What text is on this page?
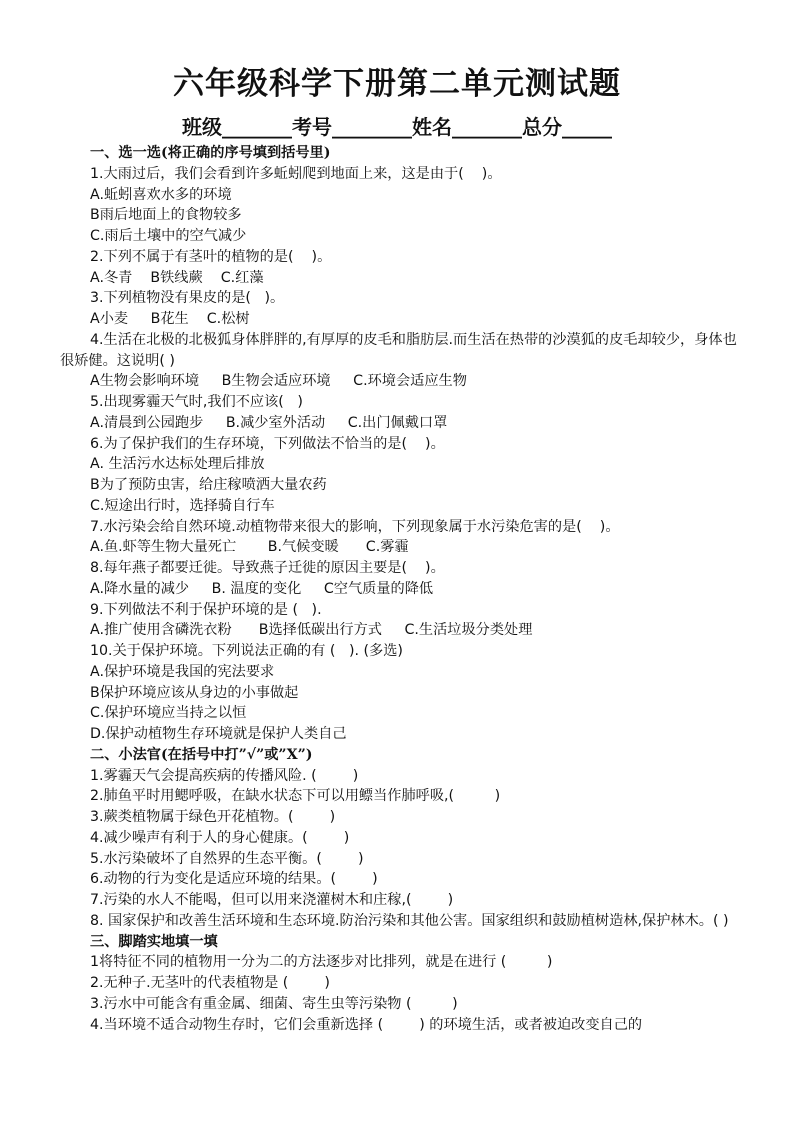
六年级科学下册第二单元测试题
班级_______考号________姓名_______总分_____
一、选一选(将正确的序号填到括号里)
1.大雨过后，我们会看到许多蚯蚓爬到地面上来，这是由于(    )。
A.蚯蚓喜欢水多的环境
B雨后地面上的食物较多
C.雨后土壤中的空气减少
2.下列不属于有茎叶的植物的是(    )。
A.冬青    B铁线蕨    C.红藻
3.下列植物没有果皮的是(   )。
A小麦     B花生    C.松树
4.生活在北极的北极狐身体胖胖的,有厚厚的皮毛和脂肪层.而生活在热带的沙漠狐的皮毛却较少，身体也很矫健。这说明( )
A生物会影响环境     B生物会适应环境     C.环境会适应生物
5.出现雾霾天气时,我们不应该(   )
A.清晨到公园跑步     B.减少室外活动     C.出门佩戴口罩
6.为了保护我们的生存环境，下列做法不恰当的是(    )。
A. 生活污水达标处理后排放
B为了预防虫害，给庄稼喷洒大量农药
C.短途出行时，选择骑自行车
7.水污染会给自然环境.动植物带来很大的影响，下列现象属于水污染危害的是(    )。
A.鱼.虾等生物大量死亡       B.气候变暖      C.雾霾
8.每年燕子都要迁徙。导致燕子迁徙的原因主要是(    )。
A.降水量的减少     B. 温度的变化     C空气质量的降低
9.下列做法不利于保护环境的是 (   ).
A.推广使用含磷洗衣粉      B选择低碳出行方式     C.生活垃圾分类处理
10.关于保护环境。下列说法正确的有 (   ). (多选)
A.保护环境是我国的宪法要求
B保护环境应该从身边的小事做起
C.保护环境应当持之以恒
D.保护动植物生存环境就是保护人类自己
二、小法官(在括号中打”√”或”X”)
1.雾霾天气会提高疾病的传播风险. (        )
2.肺鱼平时用鳃呼吸，在缺水状态下可以用鳔当作肺呼吸,(         )
3.蕨类植物属于绿色开花植物。(        )
4.减少噪声有利于人的身心健康。(        )
5.水污染破坏了自然界的生态平衡。(        )
6.动物的行为变化是适应环境的结果。(        )
7.污染的水人不能喝，但可以用来浇灌树木和庄稼,(        )
8. 国家保护和改善生活环境和生态环境.防治污染和其他公害。国家组织和鼓励植树造林,保护林木。( )
三、脚踏实地填一填
1将特征不同的植物用一分为二的方法逐步对比排列，就是在进行 (         )
2.无种子.无茎叶的代表植物是 (        )
3.污水中可能含有重金属、细菌、寄生虫等污染物 (         )
4.当环境不适合动物生存时，它们会重新选择 (        ) 的环境生活，或者被迫改变自己的
